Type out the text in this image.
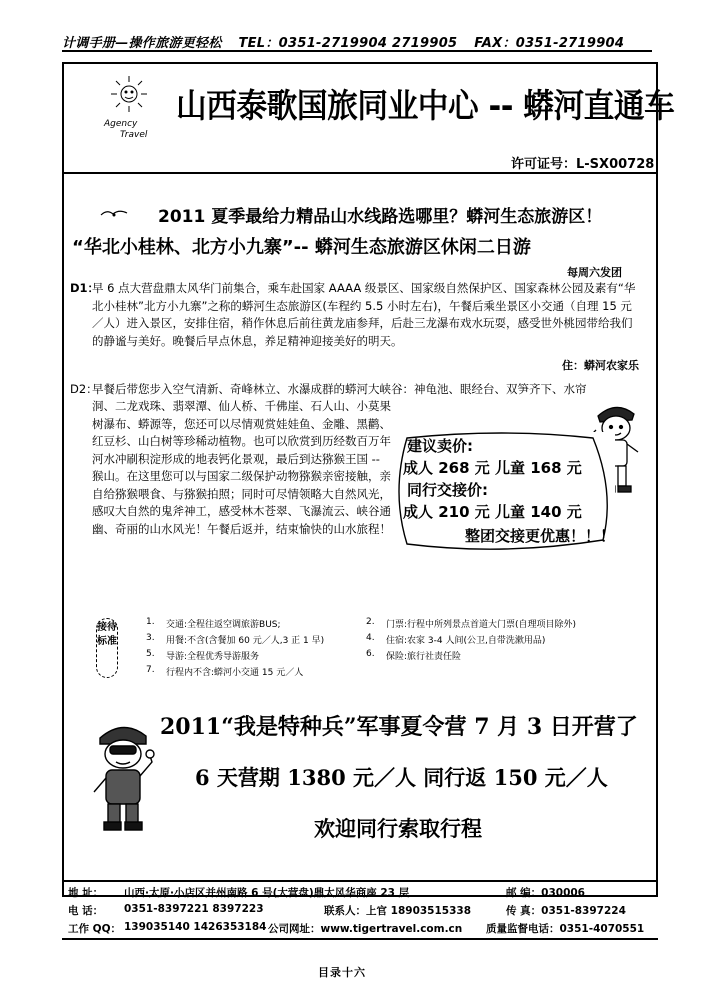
计调手册—操作旅游更轻松 TEL：0351-2719904 2719905 FAX：0351-2719904
Agency
Travel
山西泰歌国旅同业中心 -- 蟒河直通车
许可证号：L-SX00728
2011 夏季最给力精品山水线路选哪里？蟒河生态旅游区！
“华北小桂林、北方小九寨”-- 蟒河生态旅游区休闲二日游
每周六发团
D1：
早 6 点大营盘鼎太风华门前集合，乘车赴国家 AAAA 级景区、国家级自然保护区、国家森林公园及素有“华北小桂林”北方小九寨”之称的蟒河生态旅游区(车程约 5.5 小时左右)，午餐后乘坐景区小交通（自理 15 元／人）进入景区，安排住宿，稍作休息后前往黄龙庙参拜，后赴三龙瀑布戏水玩耍，感受世外桃园带给我们的静谧与美好。晚餐后早点休息，养足精神迎接美好的明天。
住：蟒河农家乐
D2：
早餐后带您步入空气清新、奇峰林立、水瀑成群的蟒河大峡谷：神龟池、眼经台、双笋齐下、水帘
洞、二龙戏珠、翡翠潭、仙人桥、千佛崖、石人山、小莫果树瀑布、蟒源等，您还可以尽情观赏娃娃鱼、金雕、黑鹳、红豆杉、山白树等珍稀动植物。也可以欣赏到历经数百万年河水冲刷积淀形成的地表钙化景观，最后到达猕猴王国 -- 猴山。在这里您可以与国家二级保护动物猕猴亲密接触，亲自给猕猴喂食、与猕猴拍照；同时可尽情领略大自然风光，感叹大自然的鬼斧神工，感受林木苍翠、飞瀑流云、峡谷通幽、奇丽的山水风光！午餐后返并，结束愉快的山水旅程！
建议卖价:
成人 268 元 儿童 168 元
同行交接价:
成人 210 元 儿童 140 元
整团交接更优惠！！！
接待标准
1. 交通:全程往返空调旅游BUS;	2. 门票:行程中所列景点首道大门票(自理项目除外)
3. 用餐:不含(含餐加 60 元／人,3 正 1 早)	4. 住宿:农家 3-4 人间(公卫,自带洗漱用品)
5. 导游:全程优秀导游服务	6. 保险:旅行社责任险
7. 行程内不含:蟒河小交通 15 元／人
2011“我是特种兵”军事夏令营 7 月 3 日开营了
6 天营期 1380 元／人 同行返 150 元／人
欢迎同行索取行程
地 址： 山西·太原·小店区并州南路 6 号(大营盘)鼎太风华商座 23 层	邮 编：030006
电 话： 0351-8397221 8397223	联系人：上官 18903515338	传 真：0351-8397224
工作 QQ： 139035140 1426353184 公司网址：www.tigertravel.com.cn 质量监督电话：0351-4070551
目录十六
